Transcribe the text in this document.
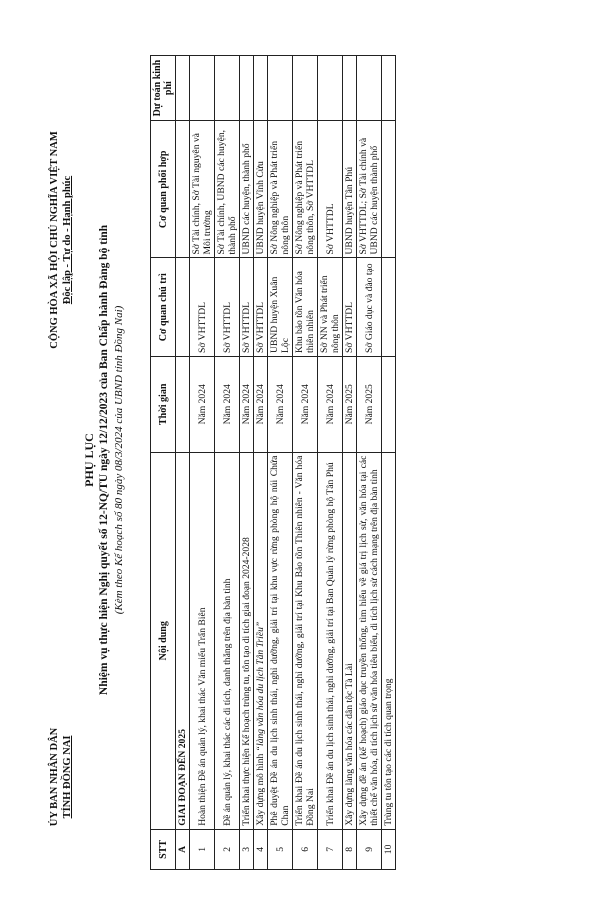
ỦY BAN NHÂN DÂN TỈNH ĐỒNG NAI
CỘNG HÒA XÃ HỘI CHỦ NGHĨA VIỆT NAM Độc lập - Tự do - Hạnh phúc
PHỤ LỤC Nhiệm vụ thực hiện Nghị quyết số 12-NQ/TU ngày 12/12/2023 của Ban Chấp hành Đảng bộ tỉnh (Kèm theo Kế hoạch số 80 ngày 08/3/2024 của UBND tỉnh Đồng Nai)
STT	Nội dung	Thời gian	Cơ quan chủ trì	Cơ quan phối hợp	Dự toán kinh phí
A	GIAI ĐOẠN ĐẾN 2025				
1	Hoàn thiện Đề án quản lý, khai thác Văn miếu Trấn Biên	Năm 2024	Sở VHTTDL	Sở Tài chính, Sở Tài nguyên và Môi trường	
2	Đề án quản lý, khai thác các di tích, danh thắng trên địa bàn tỉnh	Năm 2024	Sở VHTTDL	Sở Tài chính, UBND các huyện, thành phố	
3	Triển khai thực hiện Kế hoạch trùng tu, tôn tạo di tích giai đoạn 2024-2028	Năm 2024	Sở VHTTDL	UBND các huyện, thành phố	
4	Xây dựng mô hình “làng văn hóa du lịch Tân Triều”	Năm 2024	Sở VHTTDL	UBND huyện Vĩnh Cửu	
5	Phê duyệt Đề án du lịch sinh thái, nghỉ dưỡng, giải trí tại khu vực rừng phòng hộ núi Chứa Chan	Năm 2024	UBND huyện Xuân Lộc	Sở Nông nghiệp và Phát triển nông thôn	
6	Triển khai Đề án du lịch sinh thái, nghỉ dưỡng, giải trí tại Khu Bảo tồn Thiên nhiên - Văn hóa Đồng Nai	Năm 2024	Khu bảo tồn Văn hóa thiên nhiên	Sở Nông nghiệp và Phát triển nông thôn, Sở VHTTDL	
7	Triển khai Đề án du lịch sinh thái, nghỉ dưỡng, giải trí tại Ban Quản lý rừng phòng hộ Tân Phú	Năm 2024	Sở NN và Phát triển nông thôn	Sở VHTTDL	
8	Xây dựng làng văn hóa các dân tộc Tà Lài	Năm 2025	Sở VHTTDL	UBND huyện Tân Phú	
9	Xây dựng đề án (kế hoạch) giáo dục truyền thống, tìm hiểu về giá trị lịch sử, văn hóa tại các thiết chế văn hóa, di tích lịch sử văn hóa tiêu biểu, di tích lịch sử cách mạng trên địa bàn tỉnh	Năm 2025	Sở Giáo dục và đào tạo	Sở VHTTDL; Sở Tài chính và UBND các huyện thành phố	
10	Trùng tu tôn tạo các di tích quan trọng				
